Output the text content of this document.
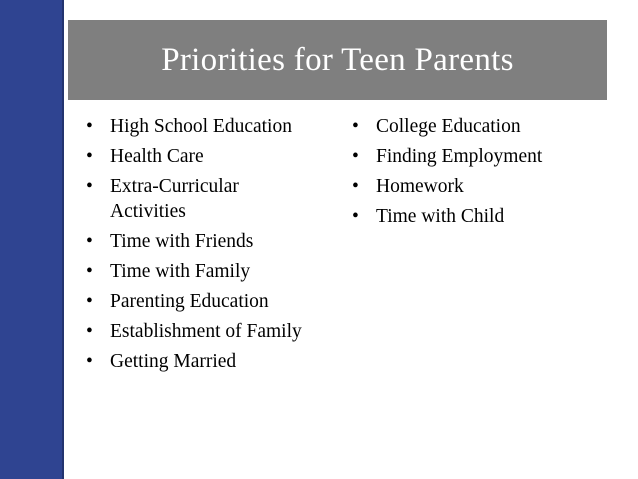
Priorities for Teen Parents
• High School Education
• Health Care
• Extra-Curricular Activities
• Time with Friends
• Time with Family
• Parenting Education
• Establishment of Family
• Getting Married
• College Education
• Finding Employment
• Homework
• Time with Child
